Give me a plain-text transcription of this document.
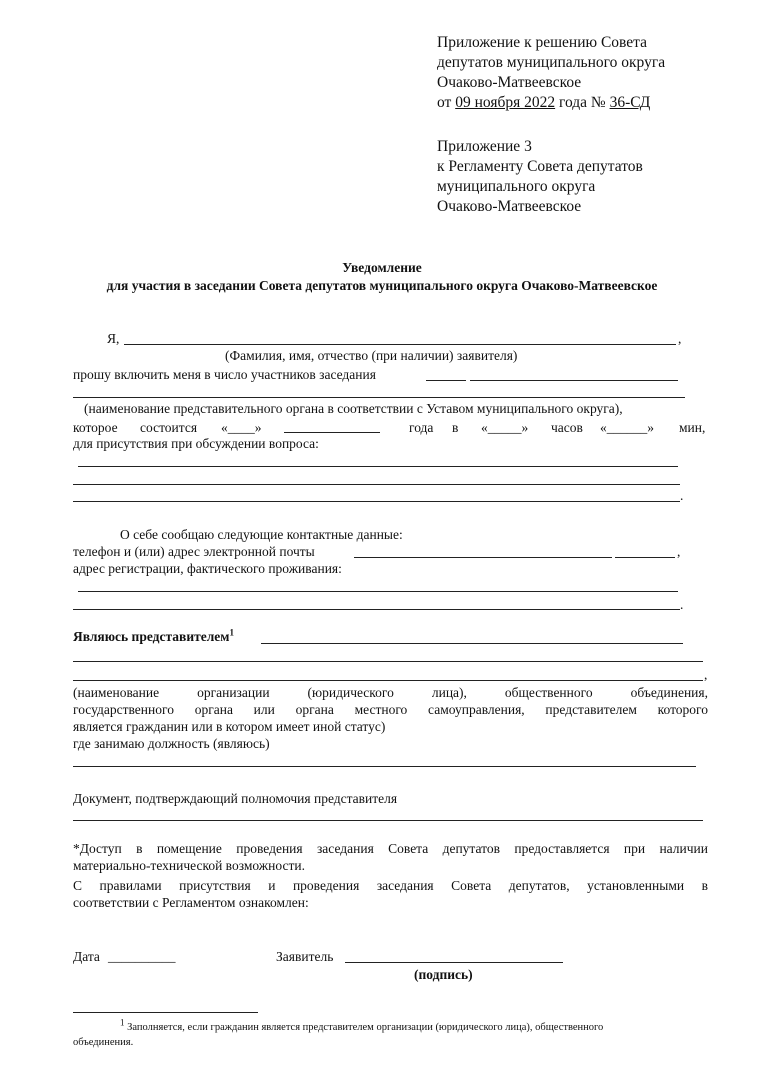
Приложение к решению Совета
депутатов муниципального округа
Очаково-Матвеевское
от 09 ноября 2022 года № 36-СД
Приложение 3
к Регламенту Совета депутатов
муниципального округа
Очаково-Матвеевское
Уведомление
для участия в заседании Совета депутатов муниципального округа Очаково-Матвеевское
Я,	,
(Фамилия, имя, отчество (при наличии) заявителя)
прошу включить меня в число участников заседания
(наименование представительного органа в соответствии с Уставом муниципального округа),
которое состоится «____»	года в «_____» часов «______» мин,
для присутствия при обсуждении вопроса:
.
О себе сообщаю следующие контактные данные:
телефон и (или) адрес электронной почты	,
адрес регистрации, фактического проживания:
.
Являюсь представителем$^1$
,
(наименование организации (юридического лица), общественного объединения,
государственного органа или органа местного самоуправления, представителем которого
является гражданин или в котором имеет иной статус)
где занимаю должность (являюсь)
Документ, подтверждающий полномочия представителя
*Доступ в помещение проведения заседания Совета депутатов предоставляется при наличии
материально-технической возможности.
С правилами присутствия и проведения заседания Совета депутатов, установленными в
соответствии с Регламентом ознакомлен:
Дата __________	Заявитель
(подпись)
$^1$ Заполняется, если гражданин является представителем организации (юридического лица), общественного
объединения.
